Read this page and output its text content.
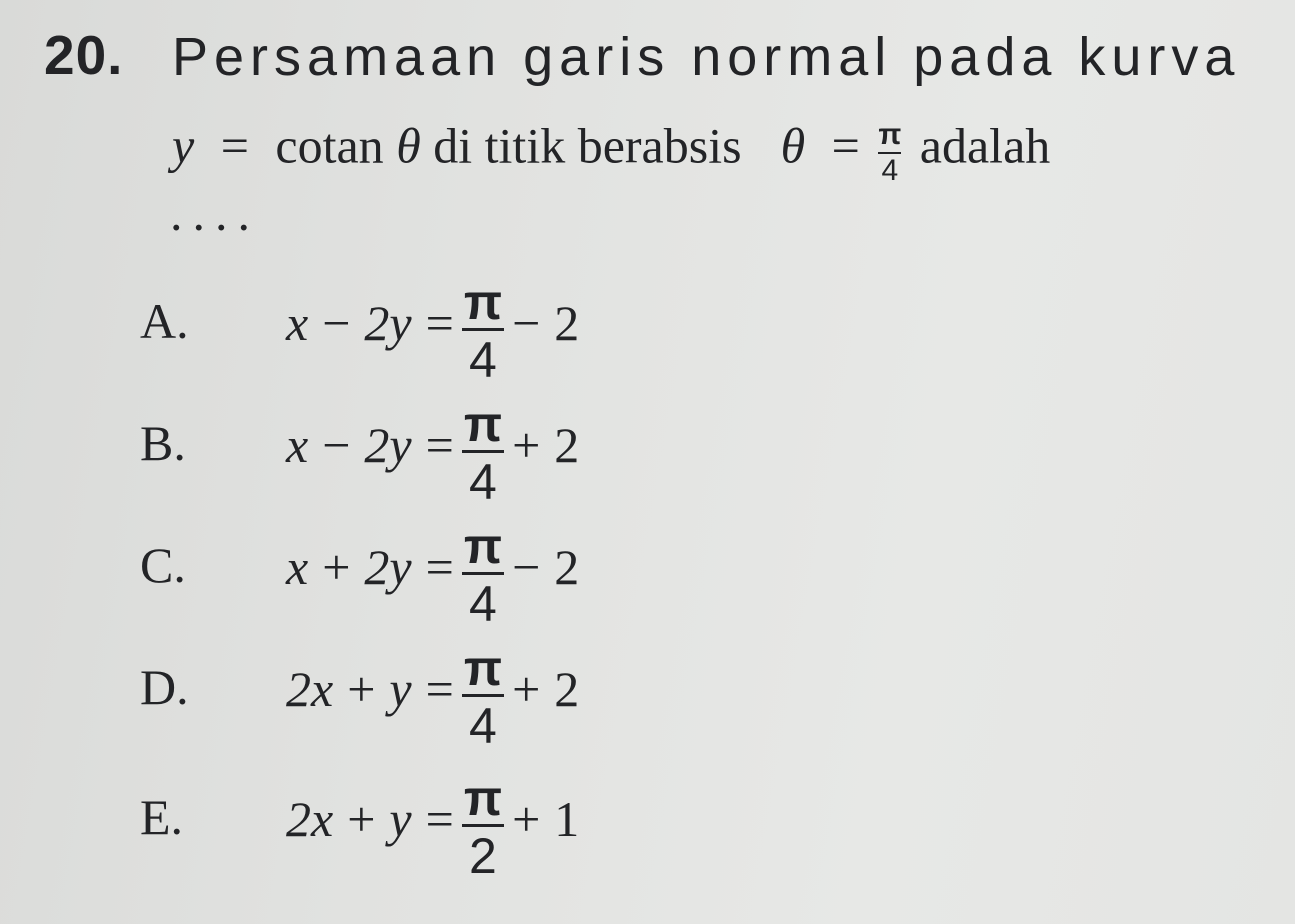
20. Persamaan garis normal pada kurva
y = cotan θ di titik berabsis $\theta = \frac{\pi}{4}$ adalah
....
A. $x - 2y = \frac{\pi}{4} - 2$
B. $x - 2y = \frac{\pi}{4} + 2$
C. $x + 2y = \frac{\pi}{4} - 2$
D. $2x + y = \frac{\pi}{4} + 2$
E. $2x + y = \frac{\pi}{2} + 1$
